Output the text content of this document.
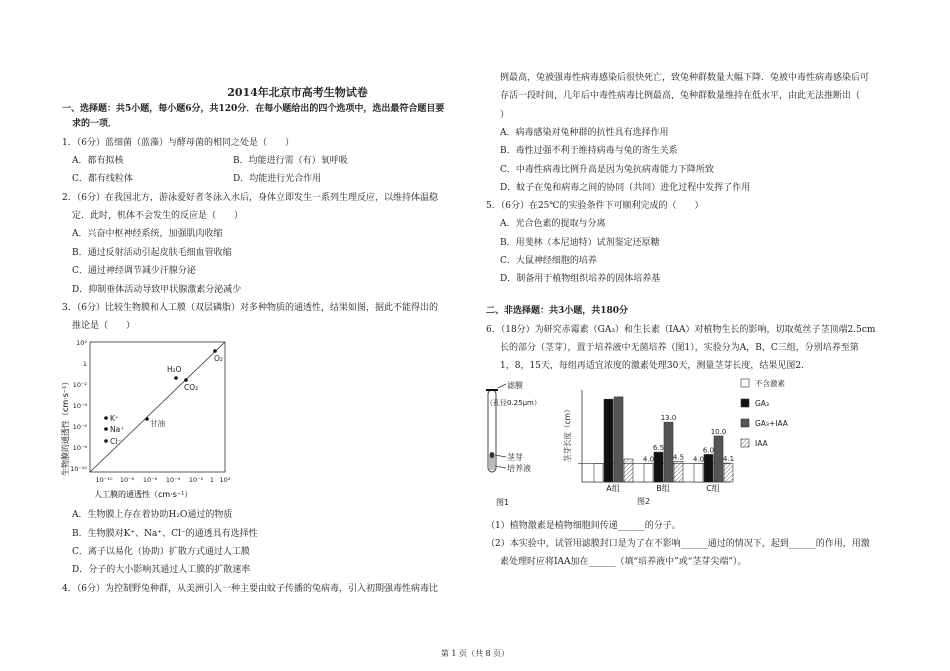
2014年北京市高考生物试卷
一、选择题：共5小题，每小题6分，共120分．在每小题给出的四个选项中，选出最符合题目要
求的一项．
1．（6分）蓝细菌（蓝藻）与酵母菌的相同之处是（　　）
A．都有拟核	B．均能进行需（有）氧呼吸
C．都有线粒体	D．均能进行光合作用
2．（6分）在我国北方，游泳爱好者冬泳入水后，身体立即发生一系列生理反应，以维持体温稳
定．此时，机体不会发生的反应是（　　）
A．兴奋中枢神经系统，加强肌肉收缩
B．通过反射活动引起皮肤毛细血管收缩
C．通过神经调节减少汗腺分泌
D．抑制垂体活动导致甲状腺激素分泌减少
3．（6分）比较生物膜和人工膜（双层磷脂）对多种物质的通透性，结果如图，据此不能得出的
推论是（　　）
10²
1
10⁻²
10⁻⁴
10⁻⁶
10⁻⁸
10⁻¹⁰
10⁻¹⁰ 10⁻⁸ 10⁻⁶ 10⁻⁴ 10⁻² 1 10²
O₂
H₂O
CO₂
甘油
K⁺
Na⁺
Cl⁻
人工膜的通透性（cm·s⁻¹）
生物膜的通透性（cm·s⁻¹）
A．生物膜上存在着协助H₂O通过的物质
B．生物膜对K⁺、Na⁺、Cl⁻的通透具有选择性
C．离子以易化（协助）扩散方式通过人工膜
D．分子的大小影响其通过人工膜的扩散速率
4．（6分）为控制野兔种群，从美洲引入一种主要由蚊子传播的兔病毒，引入初期强毒性病毒比
例最高，兔被强毒性病毒感染后很快死亡，致兔种群数量大幅下降．兔被中毒性病毒感染后可
存活一段时间，几年后中毒性病毒比例最高，兔种群数量维持在低水平，由此无法推断出（
）
A．病毒感染对兔种群的抗性具有选择作用
B．毒性过强不利于维持病毒与兔的寄生关系
C．中毒性病毒比例升高是因为兔抗病毒能力下降所致
D．蚊子在兔和病毒之间的协同（共同）进化过程中发挥了作用
5．（6分）在25℃的实验条件下可顺利完成的（　　）
A．光合色素的提取与分离
B．用斐林（本尼迪特）试剂鉴定还原糖
C．大鼠神经细胞的培养
D．制备用于植物组织培养的固体培养基
二、非选择题：共3小题，共180分
6．（18分）为研究赤霉素（GA₃）和生长素（IAA）对植物生长的影响，切取菟丝子茎顶端2.5cm
长的部分（茎芽），置于培养液中无菌培养（图1），实验分为A，B，C三组，分别培养至第
1，8，15天，每组再适宜浓度的激素处理30天，测量茎芽长度，结果见图2．
滤膜
（孔径0.25μm）
茎芽
培养液
图1
A组
4.0
6.5
13.0
4.5
B组
4.0
6.0
10.0
4.1
C组
不含激素
GA₃
GA₃+IAA
IAA
茎芽长度（cm）
图2
（1）植物激素是植物细胞间传递______的分子。
（2）本实验中，试管用滤膜封口是为了在不影响______通过的情况下，起到______的作用，用激
素处理时应将IAA加在______（填“培养液中”或“茎芽尖端”）。
第 1 页（共 8 页）
